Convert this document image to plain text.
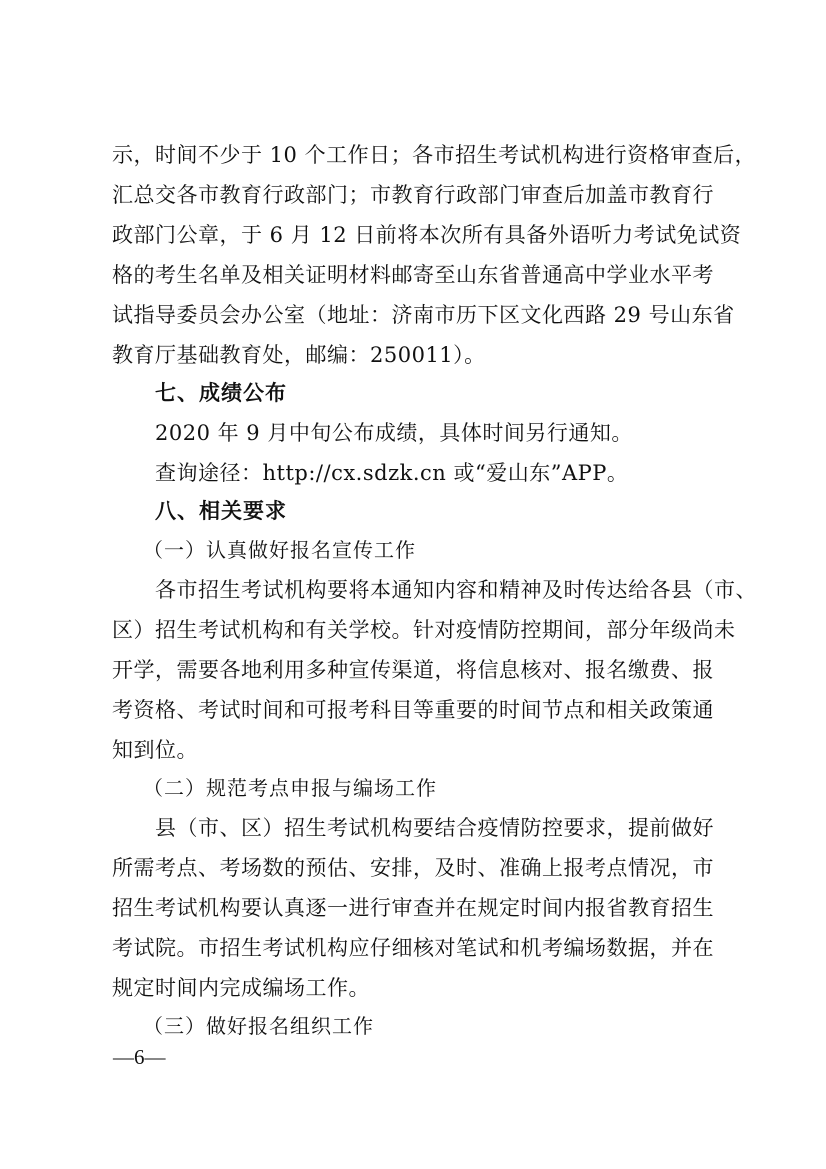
示，时间不少于 10 个工作日；各市招生考试机构进行资格审查后，
汇总交各市教育行政部门；市教育行政部门审查后加盖市教育行
政部门公章，于 6 月 12 日前将本次所有具备外语听力考试免试资
格的考生名单及相关证明材料邮寄至山东省普通高中学业水平考
试指导委员会办公室（地址：济南市历下区文化西路 29 号山东省
教育厅基础教育处，邮编：250011）。
七、成绩公布
2020 年 9 月中旬公布成绩，具体时间另行通知。
查询途径：http://cx.sdzk.cn 或“爱山东”APP。
八、相关要求
（一）认真做好报名宣传工作
各市招生考试机构要将本通知内容和精神及时传达给各县（市、
区）招生考试机构和有关学校。针对疫情防控期间，部分年级尚未
开学，需要各地利用多种宣传渠道，将信息核对、报名缴费、报
考资格、考试时间和可报考科目等重要的时间节点和相关政策通
知到位。
（二）规范考点申报与编场工作
县（市、区）招生考试机构要结合疫情防控要求，提前做好
所需考点、考场数的预估、安排，及时、准确上报考点情况，市
招生考试机构要认真逐一进行审查并在规定时间内报省教育招生
考试院。市招生考试机构应仔细核对笔试和机考编场数据，并在
规定时间内完成编场工作。
（三）做好报名组织工作
—6—
